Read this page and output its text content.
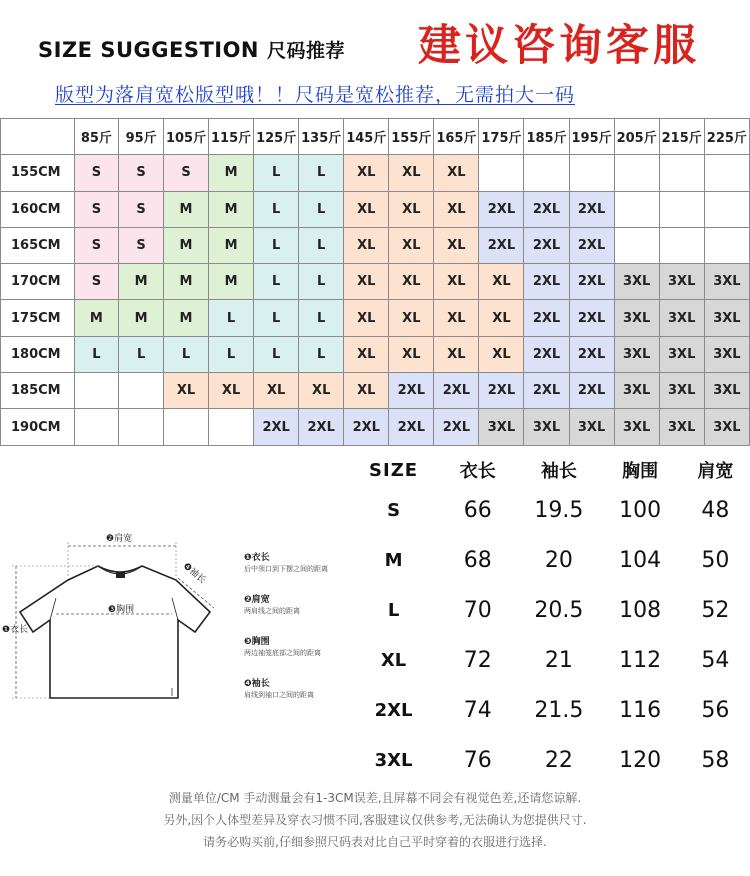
SIZE SUGGESTION 尺码推荐 建议咨询客服
版型为落肩宽松版型哦！！尺码是宽松推荐，无需拍大一码
	85斤	95斤	105斤	115斤	125斤	135斤	145斤	155斤	165斤	175斤	185斤	195斤	205斤	215斤	225斤
155CM	S	S	S	M	L	L	XL	XL	XL						
160CM	S	S	M	M	L	L	XL	XL	XL	2XL	2XL	2XL			
165CM	S	S	M	M	L	L	XL	XL	XL	2XL	2XL	2XL			
170CM	S	M	M	M	L	L	XL	XL	XL	XL	2XL	2XL	3XL	3XL	3XL
175CM	M	M	M	L	L	L	XL	XL	XL	XL	2XL	2XL	3XL	3XL	3XL
180CM	L	L	L	L	L	L	XL	XL	XL	XL	2XL	2XL	3XL	3XL	3XL
185CM			XL	XL	XL	XL	XL	2XL	2XL	2XL	2XL	2XL	3XL	3XL	3XL
190CM					2XL	2XL	2XL	2XL	2XL	3XL	3XL	3XL	3XL	3XL	3XL
❷肩宽
❹袖长
❸胸围
❶衣长
❶衣长
后中领口到下摆之间的距离
❷肩宽
两肩线之间的距离
❸胸围
两边袖笼底部之间的距离
❹袖长
肩线到袖口之间的距离
SIZE	衣长	袖长	胸围	肩宽
S	66	19.5	100	48
M	68	20	104	50
L	70	20.5	108	52
XL	72	21	112	54
2XL	74	21.5	116	56
3XL	76	22	120	58
测量单位/CM 手动测量会有1-3CM误差,且屏幕不同会有视觉色差,还请您谅解.
另外,因个人体型差异及穿衣习惯不同,客服建议仅供参考,无法确认为您提供尺寸.
请务必购买前,仔细参照尺码表对比自己平时穿着的衣服进行选择.
